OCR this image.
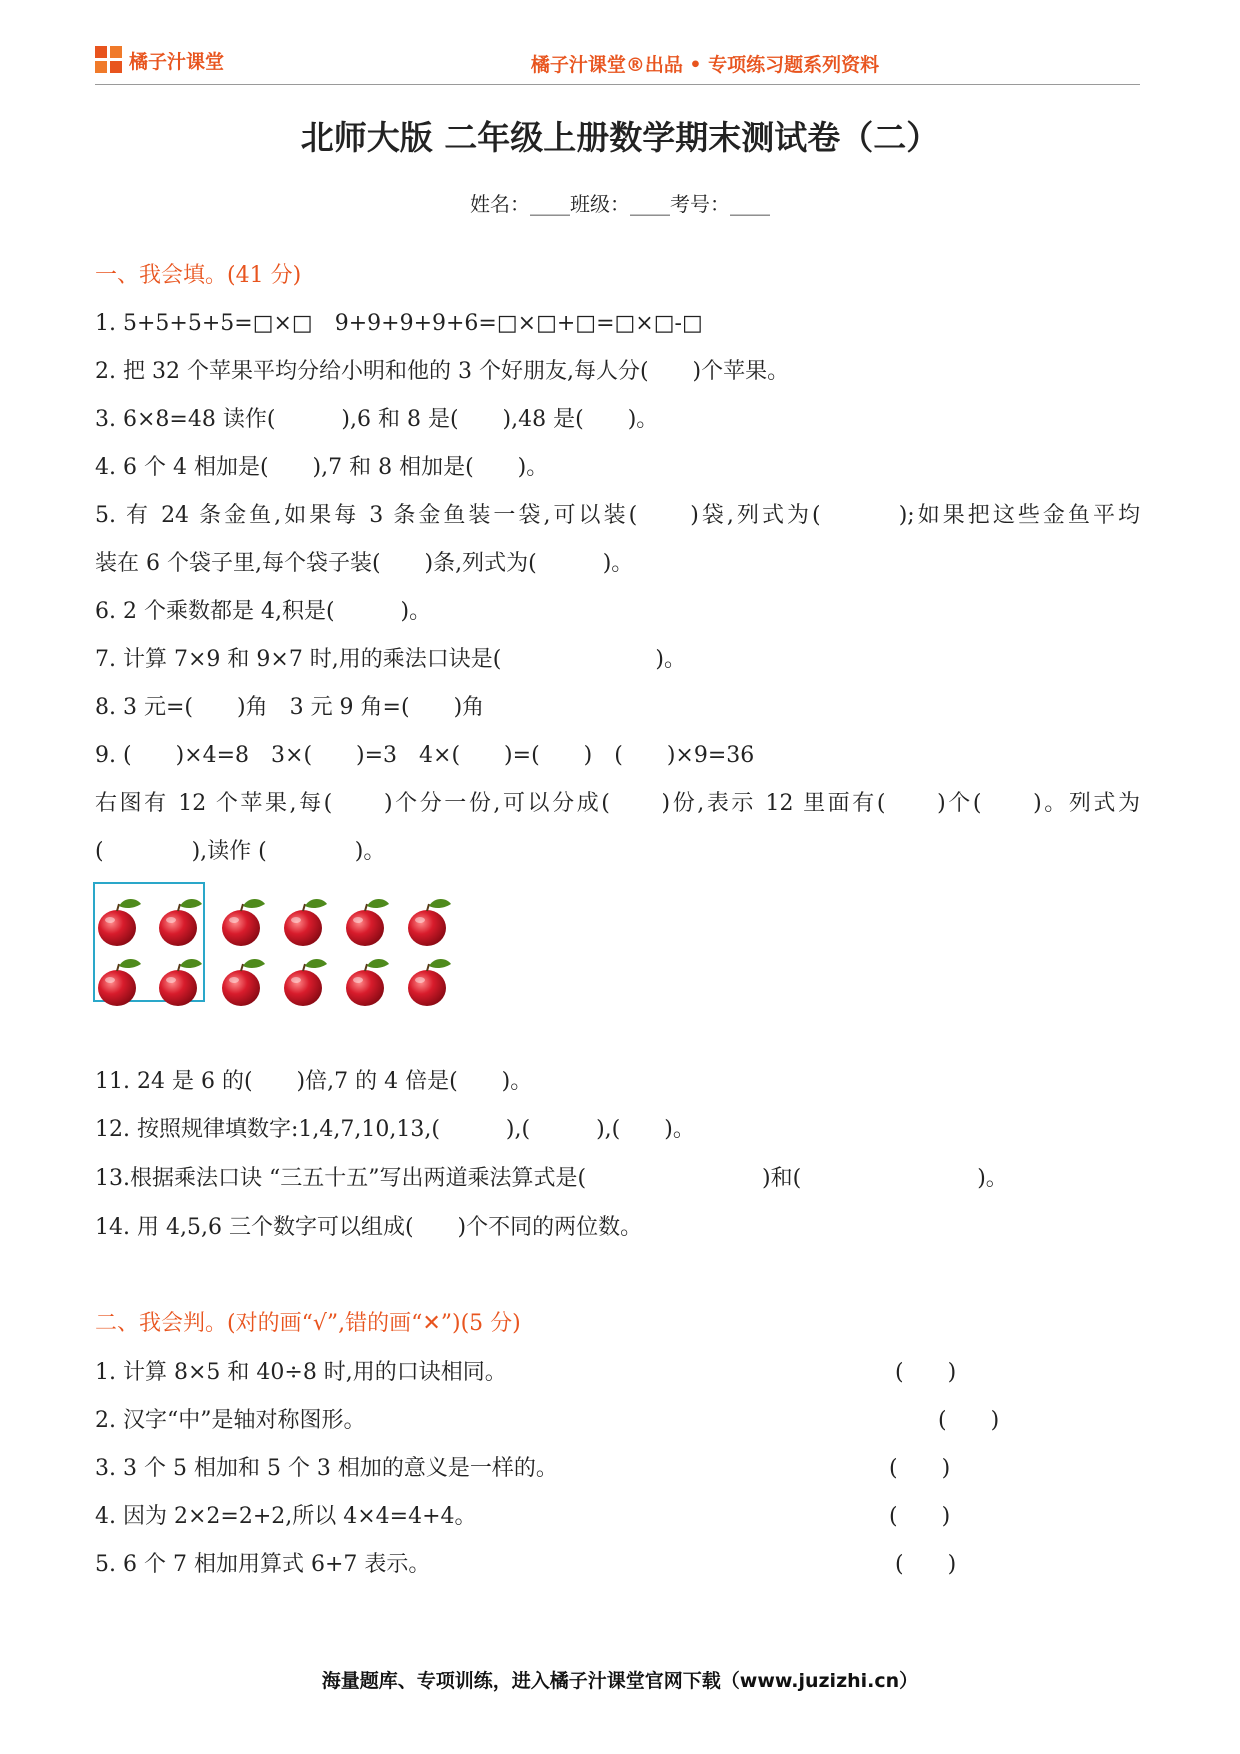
橘子汁课堂	橘子汁课堂®出品 • 专项练习题系列资料
北师大版 二年级上册数学期末测试卷（二）
姓名：____班级：____考号：____
一、我会填。(41 分)
1. 5+5+5+5=□×□　9+9+9+9+6=□×□+□=□×□-□
2. 把 32 个苹果平均分给小明和他的 3 个好朋友,每人分(　　)个苹果。
3. 6×8=48 读作(　　　),6 和 8 是(　　),48 是(　　)。
4. 6 个 4 相加是(　　),7 和 8 相加是(　　)。
5. 有 24 条金鱼,如果每 3 条金鱼装一袋,可以装(　　)袋,列式为(　　　);如果把这些金鱼平均
装在 6 个袋子里,每个袋子装(　　)条,列式为(　　　)。
6. 2 个乘数都是 4,积是(　　　)。
7. 计算 7×9 和 9×7 时,用的乘法口诀是(　　　　　　　)。
8. 3 元=(　　)角　3 元 9 角=(　　)角
9. (　　)×4=8　3×(　　)=3　4×(　　)=(　　)　(　　)×9=36
右图有 12 个苹果,每(　　)个分一份,可以分成(　　)份,表示 12 里面有(　　)个(　　)。列式为
(　　　　),读作 (　　　　)。
11. 24 是 6 的(　　)倍,7 的 4 倍是(　　)。
12. 按照规律填数字:1,4,7,10,13,(　　　),(　　　),(　　)。
13.根据乘法口诀 “三五十五”写出两道乘法算式是(　　　　　　　　)和(　　　　　　　　)。
14. 用 4,5,6 三个数字可以组成(　　)个不同的两位数。
二、我会判。(对的画“√”,错的画“✕”)(5 分)
1. 计算 8×5 和 40÷8 时,用的口诀相同。	(　　)
2. 汉字“中”是轴对称图形。	(　　)
3. 3 个 5 相加和 5 个 3 相加的意义是一样的。	(　　)
4. 因为 2×2=2+2,所以 4×4=4+4。	(　　)
5. 6 个 7 相加用算式 6+7 表示。	(　　)
海量题库、专项训练，进入橘子汁课堂官网下载（www.juzizhi.cn）
